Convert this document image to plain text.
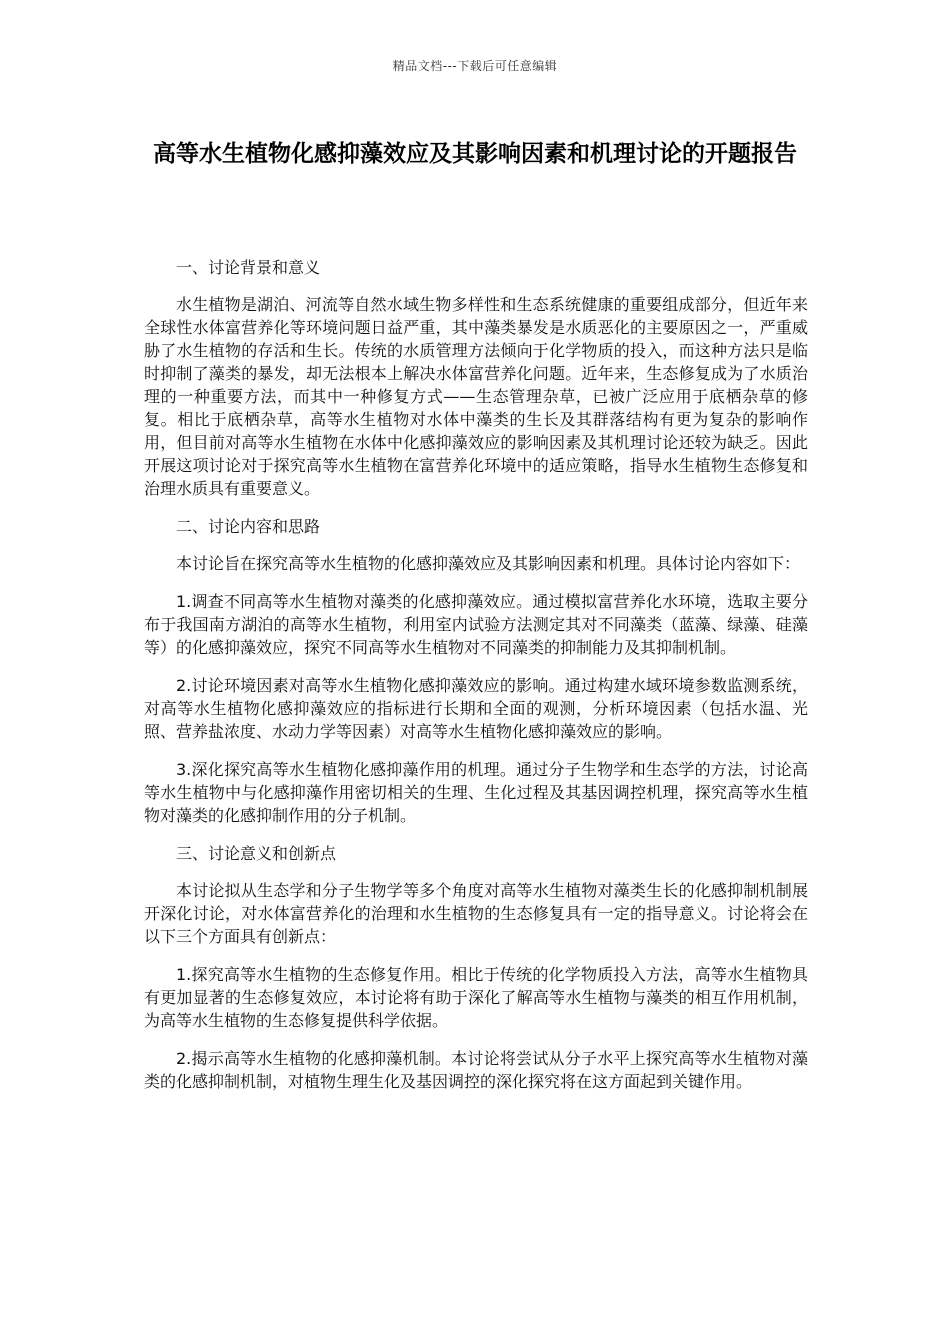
精品文档---下载后可任意编辑
高等水生植物化感抑藻效应及其影响因素和机理讨论的开题报告

一、讨论背景和意义

水生植物是湖泊、河流等自然水域生物多样性和生态系统健康的重要组成部分，但近年来全球性水体富营养化等环境问题日益严重，其中藻类暴发是水质恶化的主要原因之一，严重威胁了水生植物的存活和生长。传统的水质管理方法倾向于化学物质的投入，而这种方法只是临时抑制了藻类的暴发，却无法根本上解决水体富营养化问题。近年来，生态修复成为了水质治理的一种重要方法，而其中一种修复方式——生态管理杂草，已被广泛应用于底栖杂草的修复。相比于底栖杂草，高等水生植物对水体中藻类的生长及其群落结构有更为复杂的影响作用，但目前对高等水生植物在水体中化感抑藻效应的影响因素及其机理讨论还较为缺乏。因此开展这项讨论对于探究高等水生植物在富营养化环境中的适应策略，指导水生植物生态修复和治理水质具有重要意义。

二、讨论内容和思路

本讨论旨在探究高等水生植物的化感抑藻效应及其影响因素和机理。具体讨论内容如下：

1.调查不同高等水生植物对藻类的化感抑藻效应。通过模拟富营养化水环境，选取主要分布于我国南方湖泊的高等水生植物，利用室内试验方法测定其对不同藻类（蓝藻、绿藻、硅藻等）的化感抑藻效应，探究不同高等水生植物对不同藻类的抑制能力及其抑制机制。

2.讨论环境因素对高等水生植物化感抑藻效应的影响。通过构建水域环境参数监测系统，对高等水生植物化感抑藻效应的指标进行长期和全面的观测，分析环境因素（包括水温、光照、营养盐浓度、水动力学等因素）对高等水生植物化感抑藻效应的影响。

3.深化探究高等水生植物化感抑藻作用的机理。通过分子生物学和生态学的方法，讨论高等水生植物中与化感抑藻作用密切相关的生理、生化过程及其基因调控机理，探究高等水生植物对藻类的化感抑制作用的分子机制。

三、讨论意义和创新点

本讨论拟从生态学和分子生物学等多个角度对高等水生植物对藻类生长的化感抑制机制展开深化讨论，对水体富营养化的治理和水生植物的生态修复具有一定的指导意义。讨论将会在以下三个方面具有创新点：

1.探究高等水生植物的生态修复作用。相比于传统的化学物质投入方法，高等水生植物具有更加显著的生态修复效应，本讨论将有助于深化了解高等水生植物与藻类的相互作用机制，为高等水生植物的生态修复提供科学依据。

2.揭示高等水生植物的化感抑藻机制。本讨论将尝试从分子水平上探究高等水生植物对藻类的化感抑制机制，对植物生理生化及基因调控的深化探究将在这方面起到关键作用。
